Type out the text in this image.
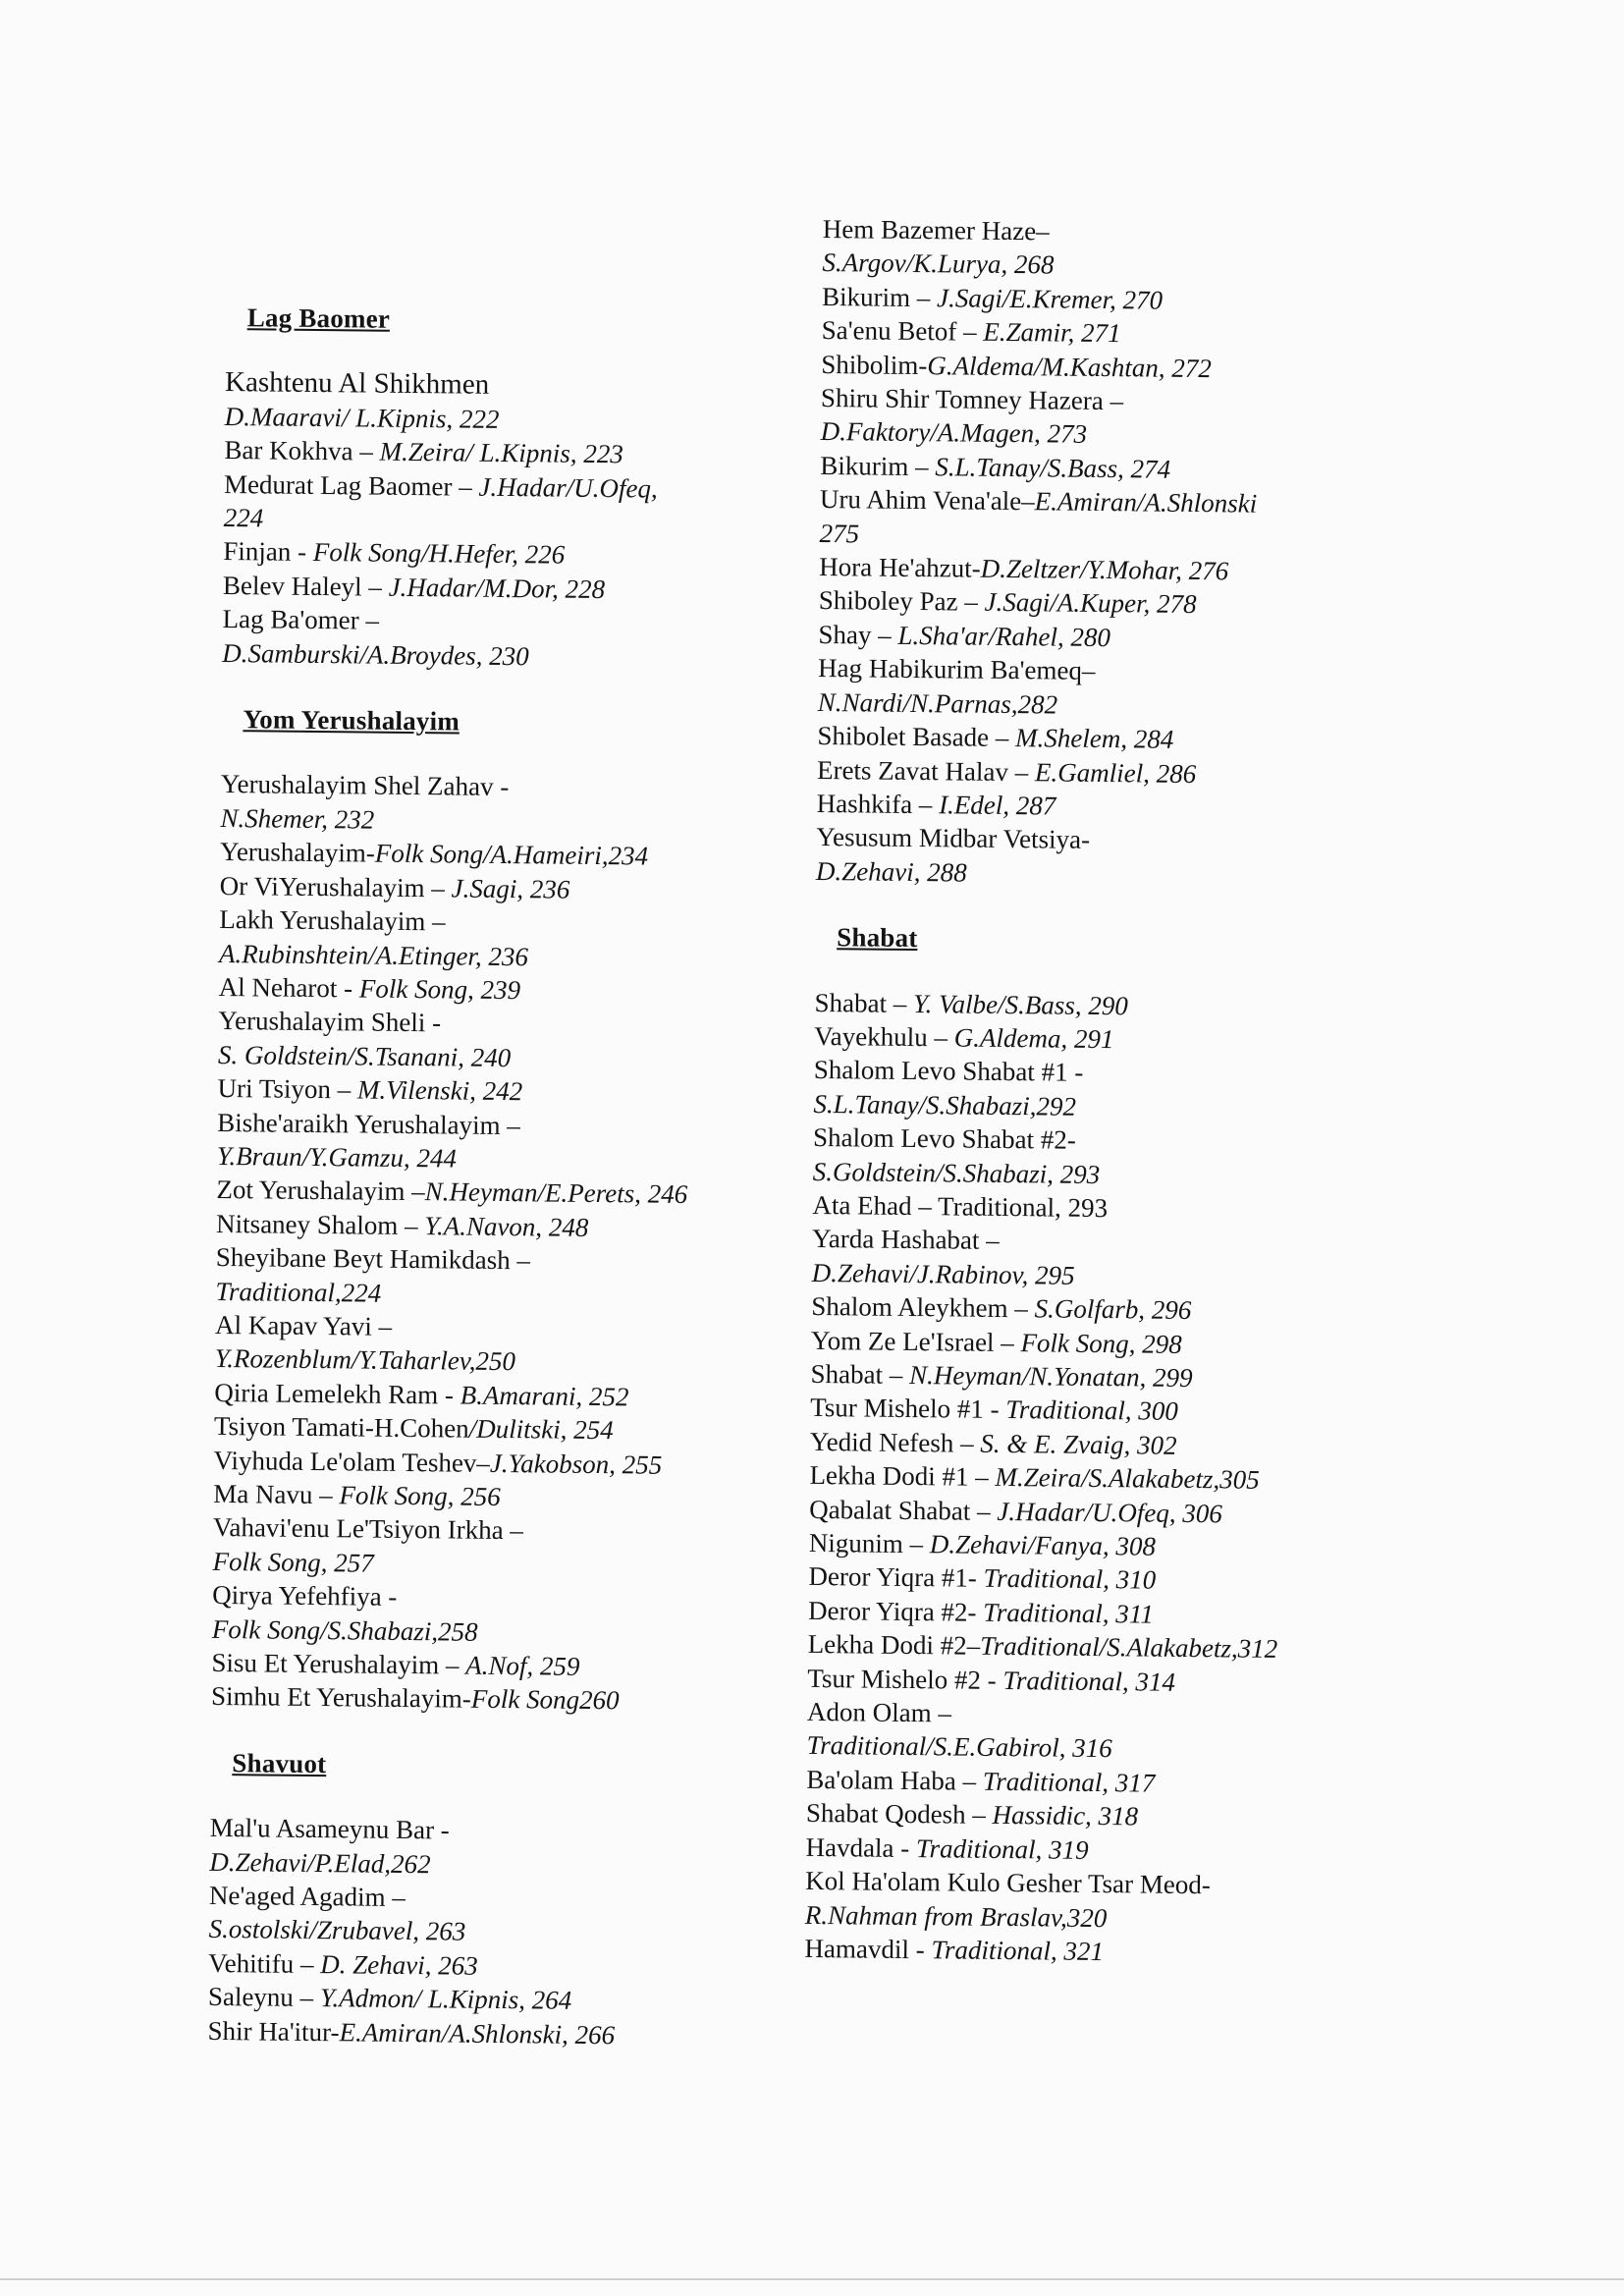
Lag Baomer
Kashtenu Al Shikhmen
D.Maaravi/ L.Kipnis, 222
Bar Kokhva – M.Zeira/ L.Kipnis, 223
Medurat Lag Baomer – J.Hadar/U.Ofeq,
224
Finjan - Folk Song/H.Hefer, 226
Belev Haleyl – J.Hadar/M.Dor, 228
Lag Ba'omer –
D.Samburski/A.Broydes, 230
Yom Yerushalayim
Yerushalayim Shel Zahav -
N.Shemer, 232
Yerushalayim-Folk Song/A.Hameiri,234
Or ViYerushalayim – J.Sagi, 236
Lakh Yerushalayim –
A.Rubinshtein/A.Etinger, 236
Al Neharot - Folk Song, 239
Yerushalayim Sheli -
S. Goldstein/S.Tsanani, 240
Uri Tsiyon – M.Vilenski, 242
Bishe'araikh Yerushalayim –
Y.Braun/Y.Gamzu, 244
Zot Yerushalayim –N.Heyman/E.Perets, 246
Nitsaney Shalom – Y.A.Navon, 248
Sheyibane Beyt Hamikdash –
Traditional,224
Al Kapav Yavi –
Y.Rozenblum/Y.Taharlev,250
Qiria Lemelekh Ram - B.Amarani, 252
Tsiyon Tamati-H.Cohen/Dulitski, 254
Viyhuda Le'olam Teshev–J.Yakobson, 255
Ma Navu – Folk Song, 256
Vahavi'enu Le'Tsiyon Irkha –
Folk Song, 257
Qirya Yefehfiya -
Folk Song/S.Shabazi,258
Sisu Et Yerushalayim – A.Nof, 259
Simhu Et Yerushalayim-Folk Song260
Shavuot
Mal'u Asameynu Bar -
D.Zehavi/P.Elad,262
Ne'aged Agadim –
S.ostolski/Zrubavel, 263
Vehitifu – D. Zehavi, 263
Saleynu – Y.Admon/ L.Kipnis, 264
Shir Ha'itur-E.Amiran/A.Shlonski, 266
Hem Bazemer Haze–
S.Argov/K.Lurya, 268
Bikurim – J.Sagi/E.Kremer, 270
Sa'enu Betof – E.Zamir, 271
Shibolim-G.Aldema/M.Kashtan, 272
Shiru Shir Tomney Hazera –
D.Faktory/A.Magen, 273
Bikurim – S.L.Tanay/S.Bass, 274
Uru Ahim Vena'ale–E.Amiran/A.Shlonski
275
Hora He'ahzut-D.Zeltzer/Y.Mohar, 276
Shiboley Paz – J.Sagi/A.Kuper, 278
Shay – L.Sha'ar/Rahel, 280
Hag Habikurim Ba'emeq–
N.Nardi/N.Parnas,282
Shibolet Basade – M.Shelem, 284
Erets Zavat Halav – E.Gamliel, 286
Hashkifa – I.Edel, 287
Yesusum Midbar Vetsiya-
D.Zehavi, 288
Shabat
Shabat – Y. Valbe/S.Bass, 290
Vayekhulu – G.Aldema, 291
Shalom Levo Shabat #1 -
S.L.Tanay/S.Shabazi,292
Shalom Levo Shabat #2-
S.Goldstein/S.Shabazi, 293
Ata Ehad – Traditional, 293
Yarda Hashabat –
D.Zehavi/J.Rabinov, 295
Shalom Aleykhem – S.Golfarb, 296
Yom Ze Le'Israel – Folk Song, 298
Shabat – N.Heyman/N.Yonatan, 299
Tsur Mishelo #1 - Traditional, 300
Yedid Nefesh – S. & E. Zvaig, 302
Lekha Dodi #1 – M.Zeira/S.Alakabetz,305
Qabalat Shabat – J.Hadar/U.Ofeq, 306
Nigunim – D.Zehavi/Fanya, 308
Deror Yiqra #1- Traditional, 310
Deror Yiqra #2- Traditional, 311
Lekha Dodi #2–Traditional/S.Alakabetz,312
Tsur Mishelo #2 - Traditional, 314
Adon Olam –
Traditional/S.E.Gabirol, 316
Ba'olam Haba – Traditional, 317
Shabat Qodesh – Hassidic, 318
Havdala - Traditional, 319
Kol Ha'olam Kulo Gesher Tsar Meod-
R.Nahman from Braslav,320
Hamavdil - Traditional, 321
